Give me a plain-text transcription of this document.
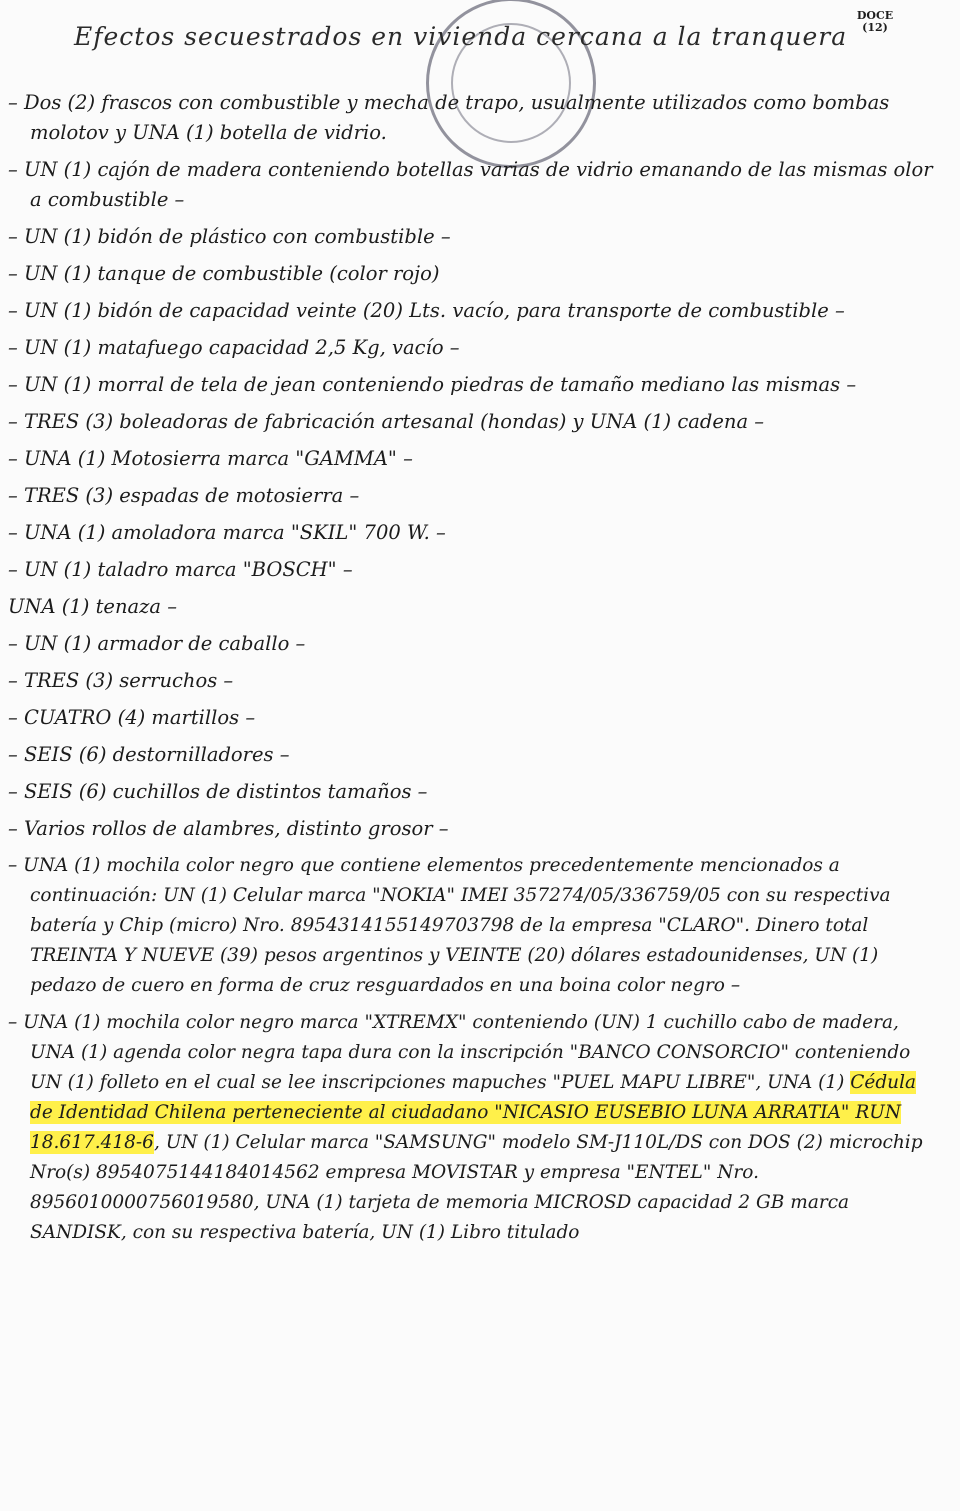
Efectos secuestrados en vivienda cercana a la tranquera
DOCE
(12)

– Dos (2) frascos con combustible y mecha de trapo, usualmente utilizados como bombas molotov y UNA (1) botella de vidrio.

– UN (1) cajón de madera conteniendo botellas varias de vidrio emanando de las mismas olor a combustible –

– UN (1) bidón de plástico con combustible –

– UN (1) tanque de combustible (color rojo)

– UN (1) bidón de capacidad veinte (20) Lts. vacío, para transporte de combustible –

– UN (1) matafuego capacidad 2,5 Kg, vacío –

– UN (1) morral de tela de jean conteniendo piedras de tamaño mediano las mismas –

– TRES (3) boleadoras de fabricación artesanal (hondas) y UNA (1) cadena –

– UNA (1) Motosierra marca "GAMMA" –

– TRES (3) espadas de motosierra –

– UNA (1) amoladora marca "SKIL" 700 W. –

– UN (1) taladro marca "BOSCH" –

UNA (1) tenaza –

– UN (1) armador de caballo –

– TRES (3) serruchos –

– CUATRO (4) martillos –

– SEIS (6) destornilladores –

– SEIS (6) cuchillos de distintos tamaños –

– Varios rollos de alambres, distinto grosor –

– UNA (1) mochila color negro que contiene elementos precedentemente mencionados a continuación: UN (1) Celular marca "NOKIA" IMEI 357274/05/336759/05 con su respectiva batería y Chip (micro) Nro. 8954314155149703798 de la empresa "CLARO". Dinero total TREINTA Y NUEVE (39) pesos argentinos y VEINTE (20) dólares estadounidenses, UN (1) pedazo de cuero en forma de cruz resguardados en una boina color negro –

– UNA (1) mochila color negro marca "XTREMX" conteniendo (UN) 1 cuchillo cabo de madera, UNA (1) agenda color negra tapa dura con la inscripción "BANCO CONSORCIO" conteniendo UN (1) folleto en el cual se lee inscripciones mapuches "PUEL MAPU LIBRE", UNA (1) Cédula de Identidad Chilena perteneciente al ciudadano "NICASIO EUSEBIO LUNA ARRATIA" RUN 18.617.418-6, UN (1) Celular marca "SAMSUNG" modelo SM-J110L/DS con DOS (2) microchip Nro(s) 8954075144184014562 empresa MOVISTAR y empresa "ENTEL" Nro. 8956010000756019580, UNA (1) tarjeta de memoria MICROSD capacidad 2 GB marca SANDISK, con su respectiva batería, UN (1) Libro titulado
